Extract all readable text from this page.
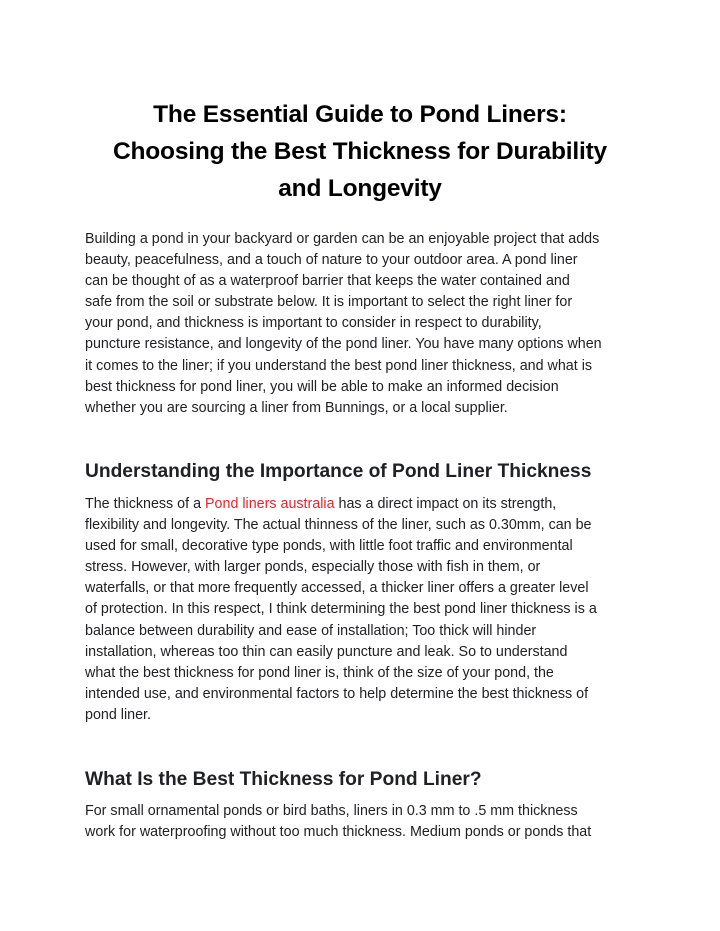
The Essential Guide to Pond Liners:
Choosing the Best Thickness for Durability
and Longevity

Building a pond in your backyard or garden can be an enjoyable project that adds
beauty, peacefulness, and a touch of nature to your outdoor area. A pond liner
can be thought of as a waterproof barrier that keeps the water contained and
safe from the soil or substrate below. It is important to select the right liner for
your pond, and thickness is important to consider in respect to durability,
puncture resistance, and longevity of the pond liner. You have many options when
it comes to the liner; if you understand the best pond liner thickness, and what is
best thickness for pond liner, you will be able to make an informed decision
whether you are sourcing a liner from Bunnings, or a local supplier.

Understanding the Importance of Pond Liner Thickness

The thickness of a Pond liners australia has a direct impact on its strength,
flexibility and longevity. The actual thinness of the liner, such as 0.30mm, can be
used for small, decorative type ponds, with little foot traffic and environmental
stress. However, with larger ponds, especially those with fish in them, or
waterfalls, or that more frequently accessed, a thicker liner offers a greater level
of protection. In this respect, I think determining the best pond liner thickness is a
balance between durability and ease of installation; Too thick will hinder
installation, whereas too thin can easily puncture and leak. So to understand
what the best thickness for pond liner is, think of the size of your pond, the
intended use, and environmental factors to help determine the best thickness of
pond liner.

What Is the Best Thickness for Pond Liner?

For small ornamental ponds or bird baths, liners in 0.3 mm to .5 mm thickness
work for waterproofing without too much thickness. Medium ponds or ponds that
